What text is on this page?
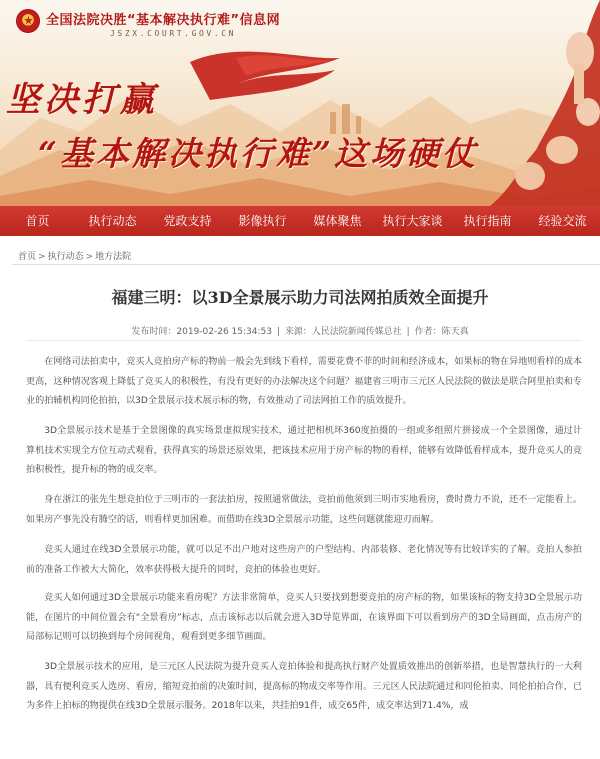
全国法院决胜“基本解决执行难”信息网
JSZX.COURT.GOV.CN
坚决打赢
“基本解决执行难”这场硬仗
首页	执行动态	党政支持	影像执行	媒体聚焦	执行大家谈	执行指南	经验交流
首页 > 执行动态 > 地方法院
福建三明：以3D全景展示助力司法网拍质效全面提升
发布时间：2019-02-26 15:34:53 | 来源：人民法院新闻传媒总社 | 作者：陈天真

在网络司法拍卖中，竞买人竞拍房产标的物前一般会先到线下看样，需要花费不菲的时间和经济成本，如果标的物在异地则看样的成本更高，这种情况客观上降低了竞买人的积极性，有没有更好的办法解决这个问题？福建省三明市三元区人民法院的做法是联合阿里拍卖和专业的拍辅机构同伦拍拍，以3D全景展示技术展示标的物，有效推动了司法网拍工作的质效提升。

3D全景展示技术是基于全景图像的真实场景虚拟现实技术，通过把相机环360度拍摄的一组或多组照片拼接成一个全景图像，通过计算机技术实现全方位互动式观看，获得真实的场景还原效果，把该技术应用于房产标的物的看样，能够有效降低看样成本，提升竞买人的竞拍积极性，提升标的物的成交率。

身在浙江的张先生想竞拍位于三明市的一套法拍房，按照通常做法，竞拍前他须到三明市实地看房，费时费力不说，还不一定能看上。如果房产事先没有腾空的话，则看样更加困难。而借助在线3D全景展示功能，这些问题就能迎刃而解。

竞买人通过在线3D全景展示功能，就可以足不出户地对这些房产的户型结构、内部装修、老化情况等有比较详实的了解。竞拍人参拍前的准备工作被大大简化，效率获得极大提升的同时，竞拍的体验也更好。

竞买人如何通过3D全景展示功能来看房呢？方法非常简单，竞买人只要找到想要竞拍的房产标的物，如果该标的物支持3D全景展示功能，在图片的中间位置会有“全景看房”标志，点击该标志以后就会进入3D导览界面，在该界面下可以看到房产的3D全局画面，点击房产的局部标记则可以切换到每个房间视角，观看到更多细节画面。

3D全景展示技术的应用，是三元区人民法院为提升竞买人竞拍体验和提高执行财产处置质效推出的创新举措，也是智慧执行的一大利器，具有便利竞买人选房、看房，缩短竞拍前的决策时间，提高标的物成交率等作用。三元区人民法院通过和同伦拍卖、同伦拍拍合作，已为多件上拍标的物提供在线3D全景展示服务。2018年以来，共挂拍91件，成交65件，成交率达到71.4%，成
